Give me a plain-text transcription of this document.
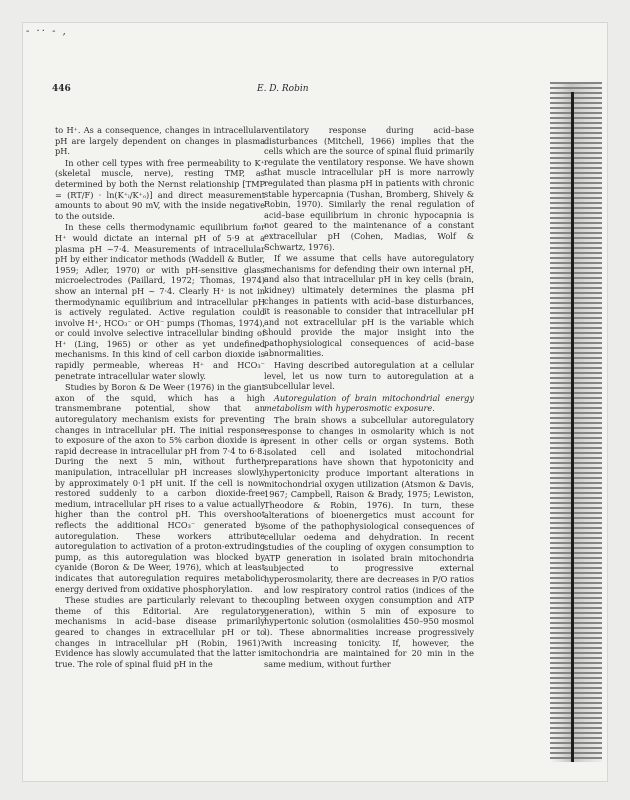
- ·· - ,
446	E. D. Robin

to H⁺. As a consequence, changes in intracellular pH are largely dependent on changes in plasma pH.

In other cell types with free permeability to K⁺ (skeletal muscle, nerve), resting TMP, as determined by both the Nernst relationship [TMP = (RT/F) · ln(K⁺ᵢ/K⁺ₒ)] and direct measurement amounts to about 90 mV, with the inside negative to the outside.

In these cells thermodynamic equilibrium for H⁺ would dictate an internal pH of 5·9 at a plasma pH ~7·4. Measurements of intracellular pH by either indicator methods (Waddell & Butler, 1959; Adler, 1970) or with pH-sensitive glass microelectrodes (Paillard, 1972; Thomas, 1974) show an internal pH ~ 7·4. Clearly H⁺ is not in thermodynamic equilibrium and intracellular pH is actively regulated. Active regulation could involve H⁺, HCO₃⁻ or OH⁻ pumps (Thomas, 1974), or could involve selective intracellular binding of H⁺ (Ling, 1965) or other as yet undefined mechanisms. In this kind of cell carbon dioxide is rapidly permeable, whereas H⁺ and HCO₃⁻ penetrate intracellular water slowly.

Studies by Boron & De Weer (1976) in the giant axon of the squid, which has a high transmembrane potential, show that an autoregulatory mechanism exists for preventing changes in intracellular pH. The initial response to exposure of the axon to 5% carbon dioxide is a rapid decrease in intracellular pH from 7·4 to 6·8. During the next 5 min, without further manipulation, intracellular pH increases slowly, by approximately 0·1 pH unit. If the cell is now restored suddenly to a carbon dioxide-free medium, intracellular pH rises to a value actually higher than the control pH. This overshoot reflects the additional HCO₃⁻ generated by autoregulation. These workers attribute autoregulation to activation of a proton-extruding pump, as this autoregulation was blocked by cyanide (Boron & De Weer, 1976), which at least indicates that autoregulation requires metabolic energy derived from oxidative phosphorylation.

These studies are particularly relevant to the theme of this Editorial. Are regulatory mechanisms in acid–base disease primarily geared to changes in extracellular pH or to changes in intracellular pH (Robin, 1961)? Evidence has slowly accumulated that the latter is true. The role of spinal fluid pH in the

ventilatory response during acid–base disturbances (Mitchell, 1966) implies that the cells which are the source of spinal fluid primarily regulate the ventilatory response. We have shown that muscle intracellular pH is more narrowly regulated than plasma pH in patients with chronic stable hypercapnia (Tushan, Bromberg, Shively & Robin, 1970). Similarly the renal regulation of acid–base equilibrium in chronic hypocapnia is not geared to the maintenance of a constant extracellular pH (Cohen, Madias, Wolf & Schwartz, 1976).

If we assume that cells have autoregulatory mechanisms for defending their own internal pH, and also that intracellular pH in key cells (brain, kidney) ultimately determines the plasma pH changes in patients with acid–base disturbances, it is reasonable to consider that intracellular pH and not extracellular pH is the variable which should provide the major insight into the pathophysiological consequences of acid–base abnormalities.

Having described autoregulation at a cellular level, let us now turn to autoregulation at a subcellular level.

Autoregulation of brain mitochondrial energy metabolism with hyperosmotic exposure.

The brain shows a subcellular autoregulatory response to changes in osmolarity which is not present in other cells or organ systems. Both isolated cell and isolated mitochondrial preparations have shown that hypotonicity and hypertonicity produce important alterations in mitochondrial oxygen utilization (Atsmon & Davis, 1967; Campbell, Raison & Brady, 1975; Lewiston, Theodore & Robin, 1976). In turn, these alterations of bioenergetics must account for some of the pathophysiological consequences of cellular oedema and dehydration. In recent studies of the coupling of oxygen consumption to ATP generation in isolated brain mitochondria subjected to progressive external hyperosmolarity, there are decreases in P/O ratios and low respiratory control ratios (indices of the coupling between oxygen consumption and ATP generation), within 5 min of exposure to hypertonic solution (osmolalities 450–950 mosmol l). These abnormalities increase progressively with increasing tonicity. If, however, the mitochondria are maintained for 20 min in the same medium, without further
